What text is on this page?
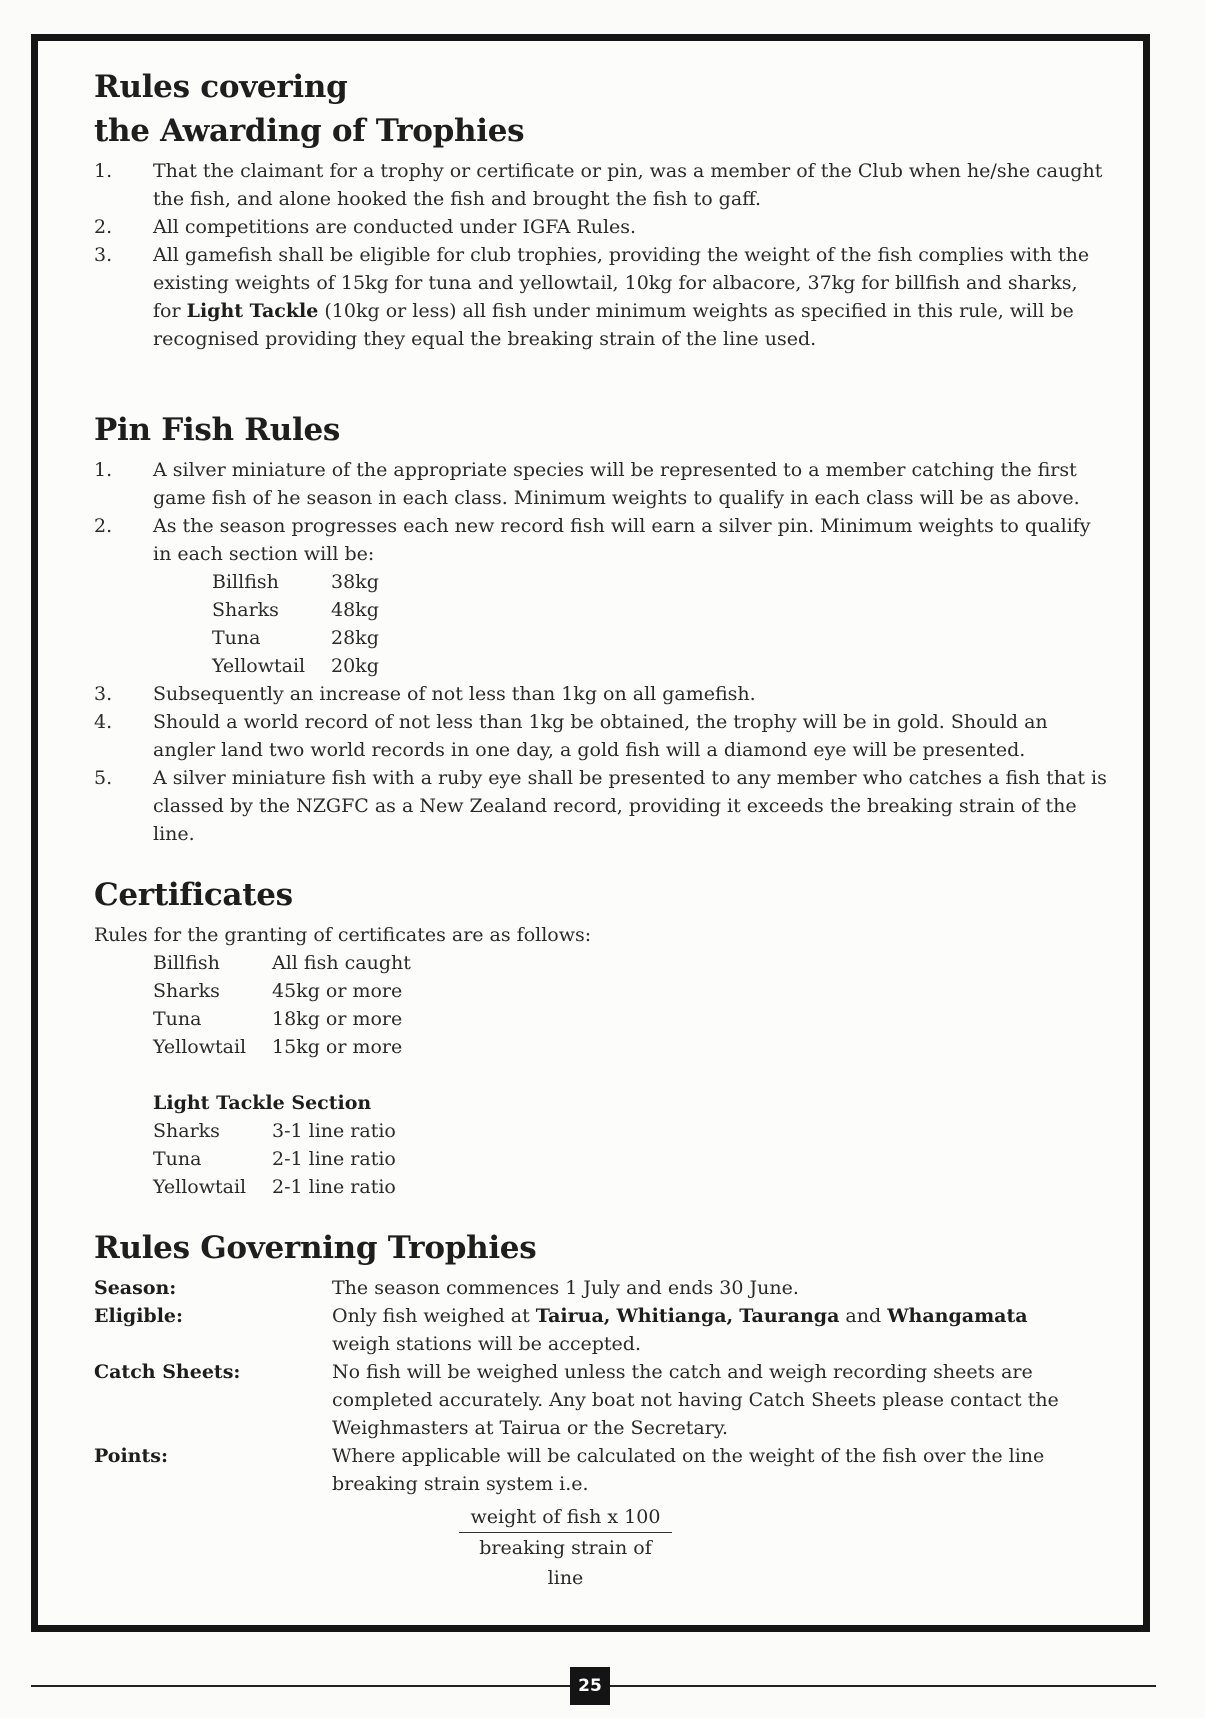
Rules covering
the Awarding of Trophies
1.	That the claimant for a trophy or certificate or pin, was a member of the Club when he/she caught the fish, and alone hooked the fish and brought the fish to gaff.
2.	All competitions are conducted under IGFA Rules.
3.	All gamefish shall be eligible for club trophies, providing the weight of the fish complies with the existing weights of 15kg for tuna and yellowtail, 10kg for albacore, 37kg for billfish and sharks, for Light Tackle (10kg or less) all fish under minimum weights as specified in this rule, will be recognised providing they equal the breaking strain of the line used.
Pin Fish Rules
1.	A silver miniature of the appropriate species will be represented to a member catching the first game fish of he season in each class. Minimum weights to qualify in each class will be as above.
2.	As the season progresses each new record fish will earn a silver pin. Minimum weights to qualify in each section will be:
Billfish	38kg
Sharks	48kg
Tuna	28kg
Yellowtail	20kg
3.	Subsequently an increase of not less than 1kg on all gamefish.
4.	Should a world record of not less than 1kg be obtained, the trophy will be in gold. Should an angler land two world records in one day, a gold fish will a diamond eye will be presented.
5.	A silver miniature fish with a ruby eye shall be presented to any member who catches a fish that is classed by the NZGFC as a New Zealand record, providing it exceeds the breaking strain of the line.
Certificates

Rules for the granting of certificates are as follows:

Billfish	All fish caught
Sharks	45kg or more
Tuna	18kg or more
Yellowtail	15kg or more
Light Tackle Section
Sharks	3-1 line ratio
Tuna	2-1 line ratio
Yellowtail	2-1 line ratio
Rules Governing Trophies
Season:	The season commences 1 July and ends 30 June.
Eligible:	Only fish weighed at Tairua, Whitianga, Tauranga and Whangamata
weigh stations will be accepted.
Catch Sheets:	No fish will be weighed unless the catch and weigh recording sheets are completed accurately. Any boat not having Catch Sheets please contact the Weighmasters at Tairua or the Secretary.
Points:	Where applicable will be calculated on the weight of the fish over the line breaking strain system i.e.
weight of fish x 100
breaking strain of line
25
